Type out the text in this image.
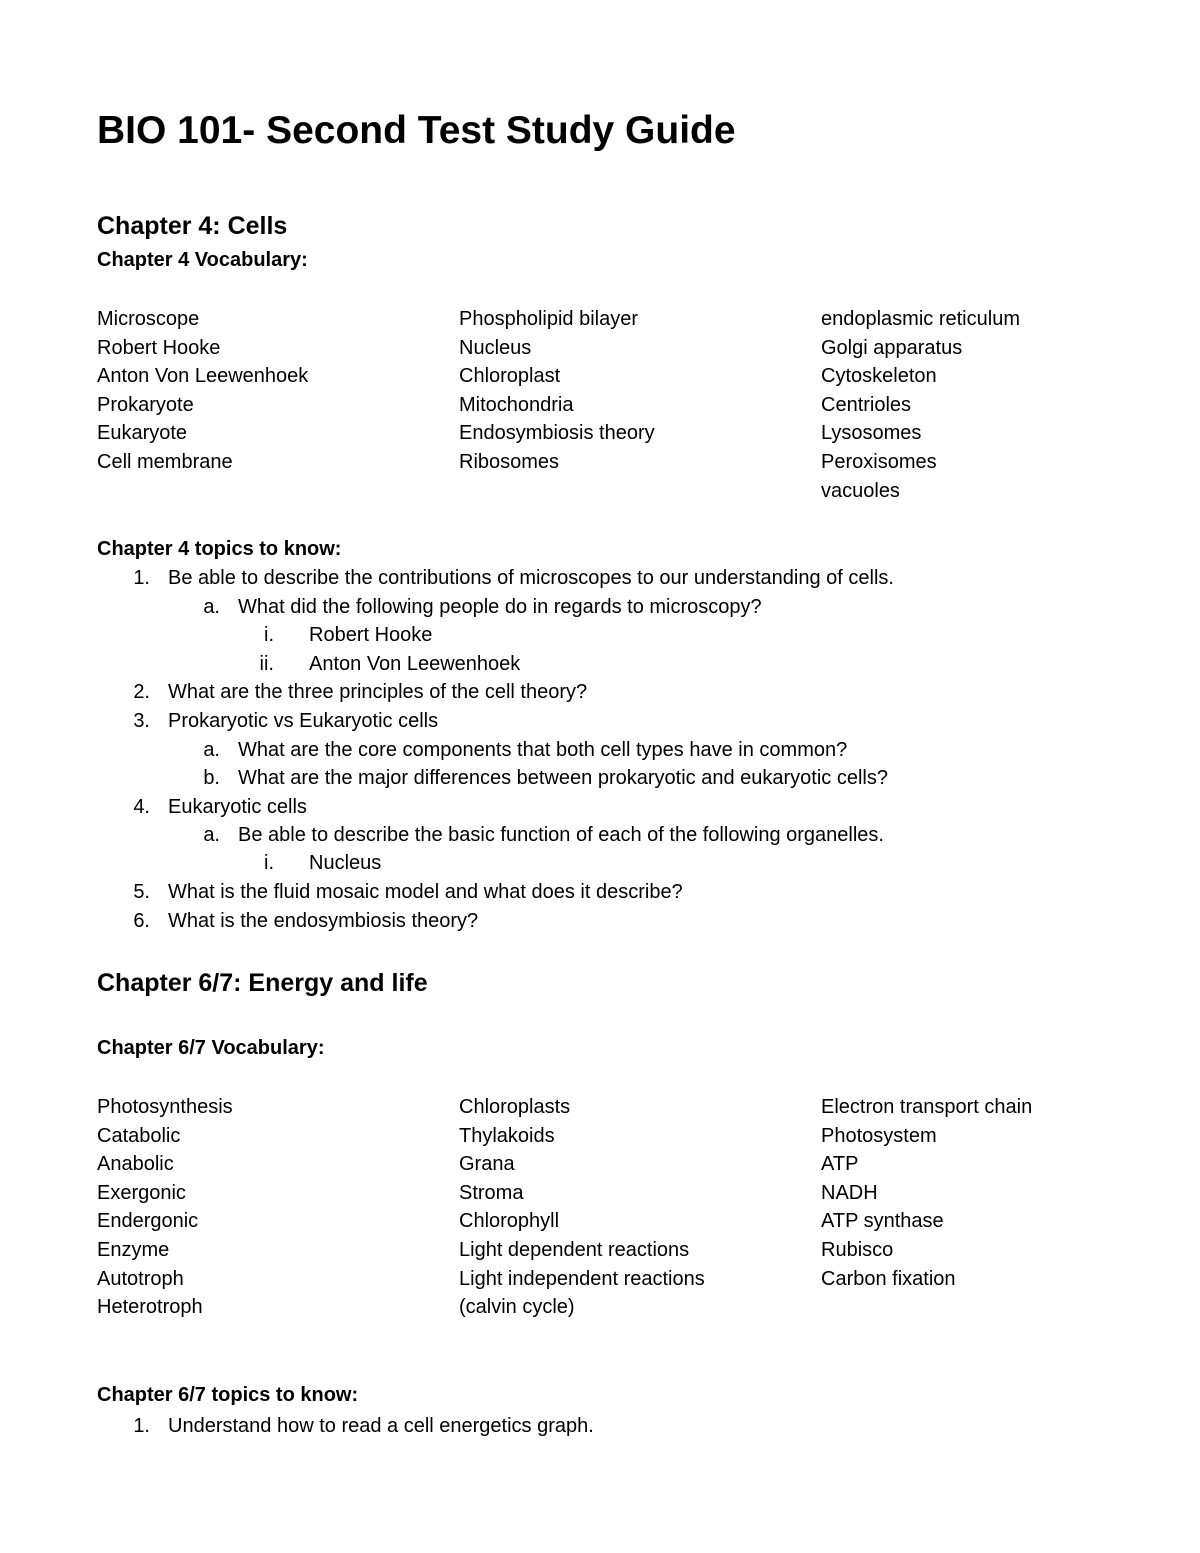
BIO 101- Second Test Study Guide
Chapter 4: Cells
Chapter 4 Vocabulary:
Microscope
Robert Hooke
Anton Von Leewenhoek
Prokaryote
Eukaryote
Cell membrane
Phospholipid bilayer
Nucleus
Chloroplast
Mitochondria
Endosymbiosis theory
Ribosomes
endoplasmic reticulum
Golgi apparatus
Cytoskeleton
Centrioles
Lysosomes
Peroxisomes
vacuoles
Chapter 4 topics to know:
1. Be able to describe the contributions of microscopes to our understanding of cells.
a. What did the following people do in regards to microscopy?
i. Robert Hooke
ii. Anton Von Leewenhoek
2. What are the three principles of the cell theory?
3. Prokaryotic vs Eukaryotic cells
a. What are the core components that both cell types have in common?
b. What are the major differences between prokaryotic and eukaryotic cells?
4. Eukaryotic cells
a. Be able to describe the basic function of each of the following organelles.
i. Nucleus
5. What is the fluid mosaic model and what does it describe?
6. What is the endosymbiosis theory?
Chapter 6/7: Energy and life
Chapter 6/7 Vocabulary:
Photosynthesis
Catabolic
Anabolic
Exergonic
Endergonic
Enzyme
Autotroph
Heterotroph
Chloroplasts
Thylakoids
Grana
Stroma
Chlorophyll
Light dependent reactions
Light independent reactions
(calvin cycle)
Electron transport chain
Photosystem
ATP
NADH
ATP synthase
Rubisco
Carbon fixation
Chapter 6/7 topics to know:
1. Understand how to read a cell energetics graph.
